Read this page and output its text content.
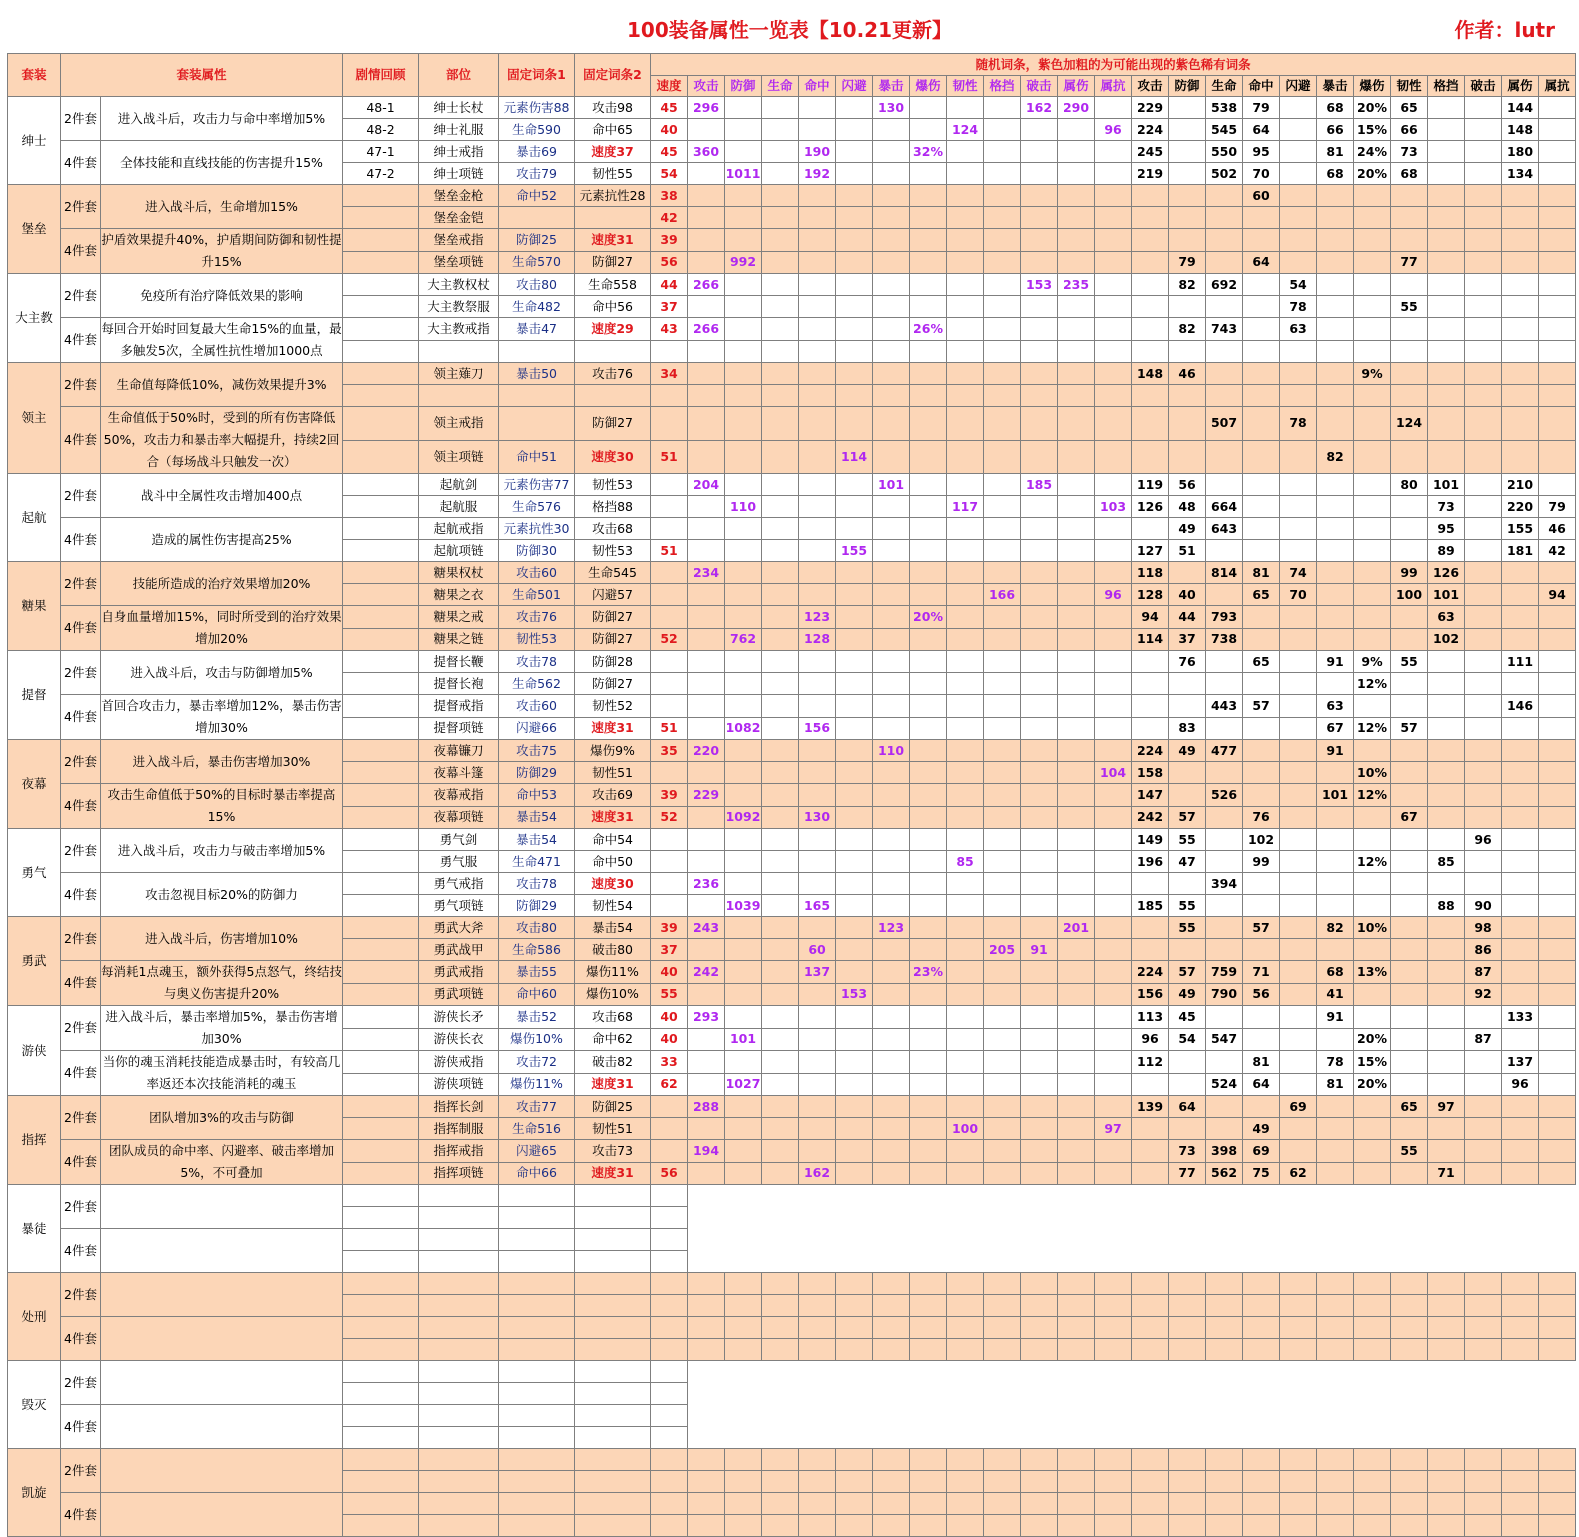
100装备属性一览表【10.21更新】	作者：lutr
套装	套装属性		剧情回顾	部位	固定词条1	固定词条2	随机词条，紫色加粗的为可能出现的紫色稀有词条																									
							速度	攻击	防御	生命	命中	闪避	暴击	爆伤	韧性	格挡	破击	属伤	属抗	攻击	防御	生命	命中	闪避	暴击	爆伤	韧性	格挡	破击	属伤	属抗	
绅士	2件套	进入战斗后，攻击力与命中率增加5%	48-1	绅士长杖	元素伤害88	攻击98	45	296					130				162	290		229		538	79		68	20%	65			144		
			48-2	绅士礼服	生命590	命中65	40								124				96	224		545	64		66	15%	66			148		
	4件套	全体技能和直线技能的伤害提升15%	47-1	绅士戒指	暴击69	速度37	45	360			190			32%						245		550	95		81	24%	73			180		
			47-2	绅士项链	攻击79	韧性55	54		1011		192									219		502	70		68	20%	68			134		
堡垒	2件套	进入战斗后，生命增加15%		堡垒金枪	命中52	元素抗性28	38																60									
				堡垒金铠			42																									
	4件套	护盾效果提升40%，护盾期间防御和韧性提升15%		堡垒戒指	防御25	速度31	39																									
				堡垒项链	生命570	防御27	56		992												79		64				77					
大主教	2件套	免疫所有治疗降低效果的影响		大主教权杖	攻击80	生命558	44	266									153	235			82	692		54								
				大主教祭服	生命482	命中56	37																	78			55					
	4件套	每回合开始时回复最大生命15%的血量，最多触发5次，全属性抗性增加1000点		大主教戒指	暴击47	速度29	43	266						26%							82	743		63								

领主	2件套	生命值每降低10%，减伤效果提升3%		领主薙刀	暴击50	攻击76	34													148	46					9%						

	4件套	生命值低于50%时，受到的所有伤害降低50%，攻击力和暴击率大幅提升，持续2回合（每场战斗只触发一次）		领主戒指		防御27																507		78			124					
				领主项链	命中51	速度30	51					114													82							
起航	2件套	战斗中全属性攻击增加400点		起航剑	元素伤害77	韧性53		204					101				185			119	56						80	101		210		
				起航服	生命576	格挡88			110						117				103	126	48	664						73		220	79	
	4件套	造成的属性伤害提高25%		起航戒指	元素抗性30	攻击68															49	643						95		155	46	
				起航项链	防御30	韧性53	51					155								127	51							89		181	42	
糖果	2件套	技能所造成的治疗效果增加20%		糖果权杖	攻击60	生命545		234												118		814	81	74			99	126				
				糖果之衣	生命501	闪避57										166			96	128	40		65	70			100	101			94	
	4件套	自身血量增加15%，同时所受到的治疗效果增加20%		糖果之戒	攻击76	防御27					123			20%						94	44	793						63				
				糖果之链	韧性53	防御27	52		762		128									114	37	738						102				
提督	2件套	进入战斗后，攻击与防御增加5%		提督长鞭	攻击78	防御28															76		65		91	9%	55			111		
				提督长袍	生命562	防御27																				12%						
	4件套	首回合攻击力，暴击率增加12%，暴击伤害增加30%		提督戒指	攻击60	韧性52																443	57		63					146		
				提督项链	闪避66	速度31	51		1082		156										83				67	12%	57					
夜幕	2件套	进入战斗后，暴击伤害增加30%		夜幕镰刀	攻击75	爆伤9%	35	220					110							224	49	477			91							
				夜幕斗篷	防御29	韧性51													104	158						10%						
	4件套	攻击生命值低于50%的目标时暴击率提高15%		夜幕戒指	命中53	攻击69	39	229												147		526			101	12%						
				夜幕项链	暴击54	速度31	52		1092		130									242	57		76				67					
勇气	2件套	进入战斗后，攻击力与破击率增加5%		勇气剑	暴击54	命中54														149	55		102						96			
				勇气服	生命471	命中50									85					196	47		99			12%		85				
	4件套	攻击忽视目标20%的防御力		勇气戒指	攻击78	速度30		236														394										
				勇气项链	防御29	韧性54			1039		165									185	55							88	90			
勇武	2件套	进入战斗后，伤害增加10%		勇武大斧	攻击80	暴击54	39	243					123					201			55		57		82	10%			98			
				勇武战甲	生命586	破击80	37				60					205	91												86			
	4件套	每消耗1点魂玉，额外获得5点怒气，终结技与奥义伤害提升20%		勇武戒指	暴击55	爆伤11%	40	242			137			23%						224	57	759	71		68	13%			87			
				勇武项链	命中60	爆伤10%	55					153								156	49	790	56		41				92			
游侠	2件套	进入战斗后，暴击率增加5%，暴击伤害增加30%		游侠长矛	暴击52	攻击68	40	293												113	45				91					133		
				游侠长衣	爆伤10%	命中62	40		101											96	54	547				20%			87			
	4件套	当你的魂玉消耗技能造成暴击时，有较高几率返还本次技能消耗的魂玉		游侠戒指	攻击72	破击82	33													112			81		78	15%				137		
				游侠项链	爆伤11%	速度31	62		1027													524	64		81	20%				96		
指挥	2件套	团队增加3%的攻击与防御		指挥长剑	攻击77	防御25		288												139	64			69			65	97				
				指挥制服	生命516	韧性51									100				97				49									
	4件套	团队成员的命中率、闪避率、破击率增加5%，不可叠加		指挥戒指	闪避65	攻击73		194													73	398	69				55					
				指挥项链	命中66	速度31	56				162										77	562	75	62				71				
暴徒	2件套																															

	4件套																															

处刑	2件套																															

	4件套																															

毁灭	2件套																															

	4件套																															

凯旋	2件套																															

	4件套																															
